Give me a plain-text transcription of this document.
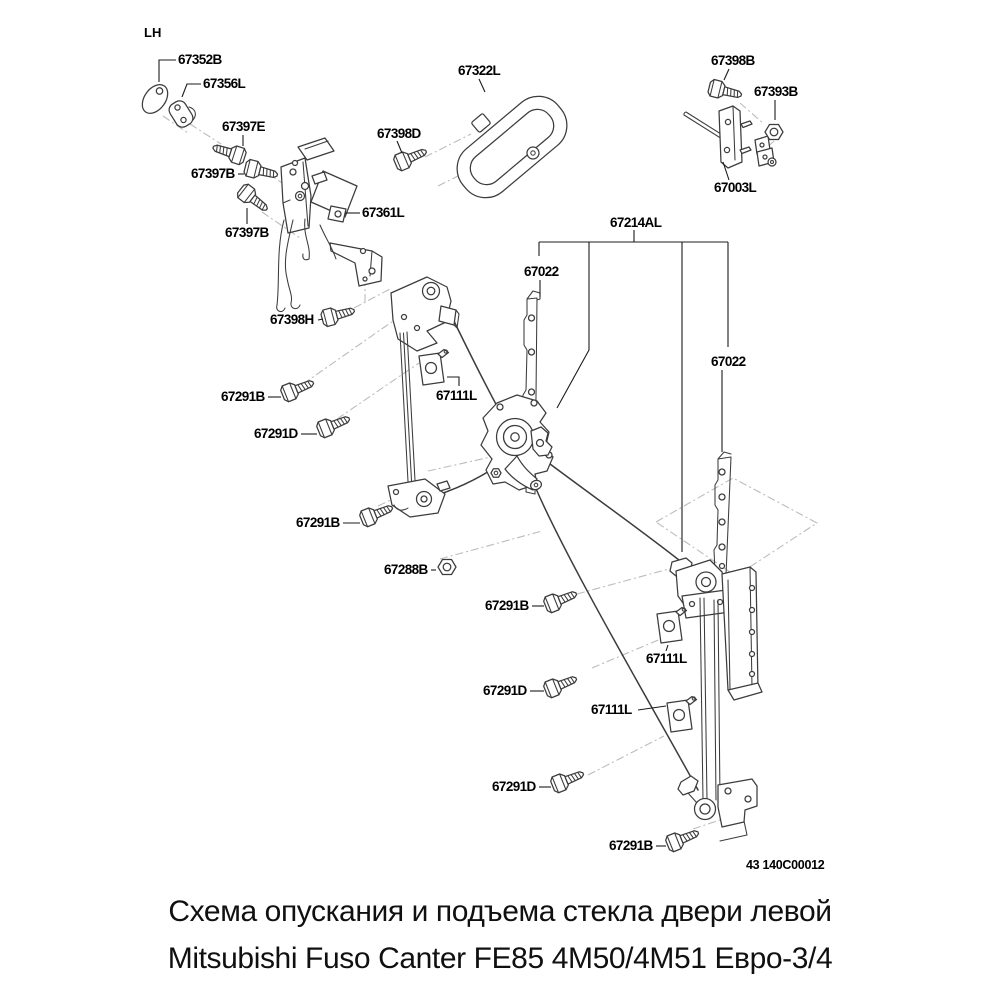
LH
67352B
67356L
67397E
67397B
67397B
67398D
67322L
67398B
67393B
67003L
67361L
67214AL
67022
67022
67398H
67291B
67291D
67111L
67291B
67288B
67291B
67111L
67291D
67111L
67291D
67291B
43 140C00012
Схема опускания и подъема стекла двери левой
Mitsubishi Fuso Canter FE85 4M50/4M51 Евро-3/4
